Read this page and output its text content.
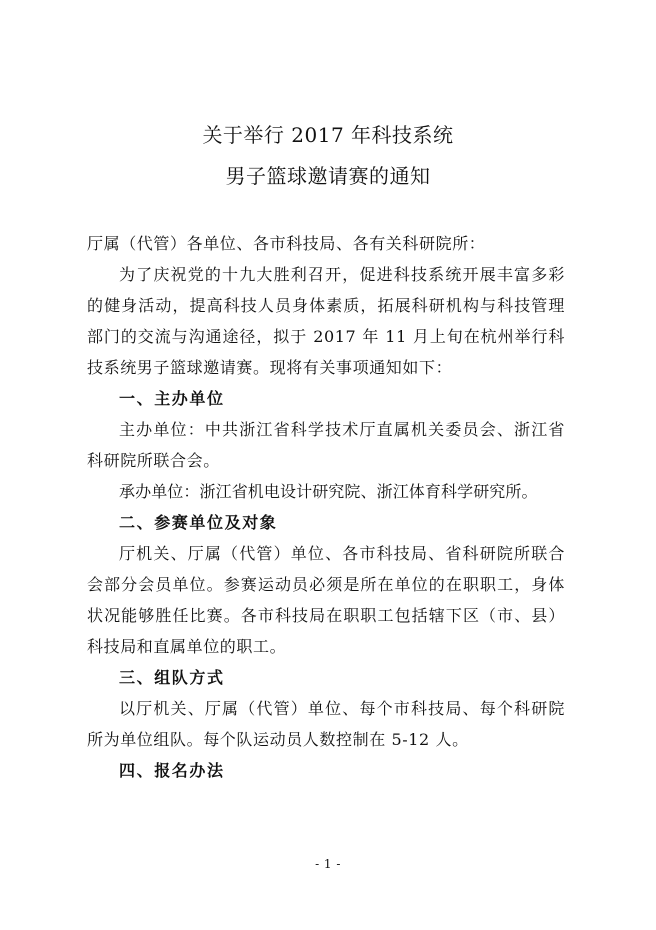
关于举行 2017 年科技系统
男子篮球邀请赛的通知

厅属（代管）各单位、各市科技局、各有关科研院所：

为了庆祝党的十九大胜利召开，促进科技系统开展丰富多彩的健身活动，提高科技人员身体素质，拓展科研机构与科技管理部门的交流与沟通途径，拟于 2017 年 11 月上旬在杭州举行科技系统男子篮球邀请赛。现将有关事项通知如下：

一、主办单位

主办单位：中共浙江省科学技术厅直属机关委员会、浙江省科研院所联合会。

承办单位：浙江省机电设计研究院、浙江体育科学研究所。

二、参赛单位及对象

厅机关、厅属（代管）单位、各市科技局、省科研院所联合会部分会员单位。参赛运动员必须是所在单位的在职职工，身体状况能够胜任比赛。各市科技局在职职工包括辖下区（市、县）科技局和直属单位的职工。

三、组队方式

以厅机关、厅属（代管）单位、每个市科技局、每个科研院所为单位组队。每个队运动员人数控制在 5-12 人。

四、报名办法

- 1 -
